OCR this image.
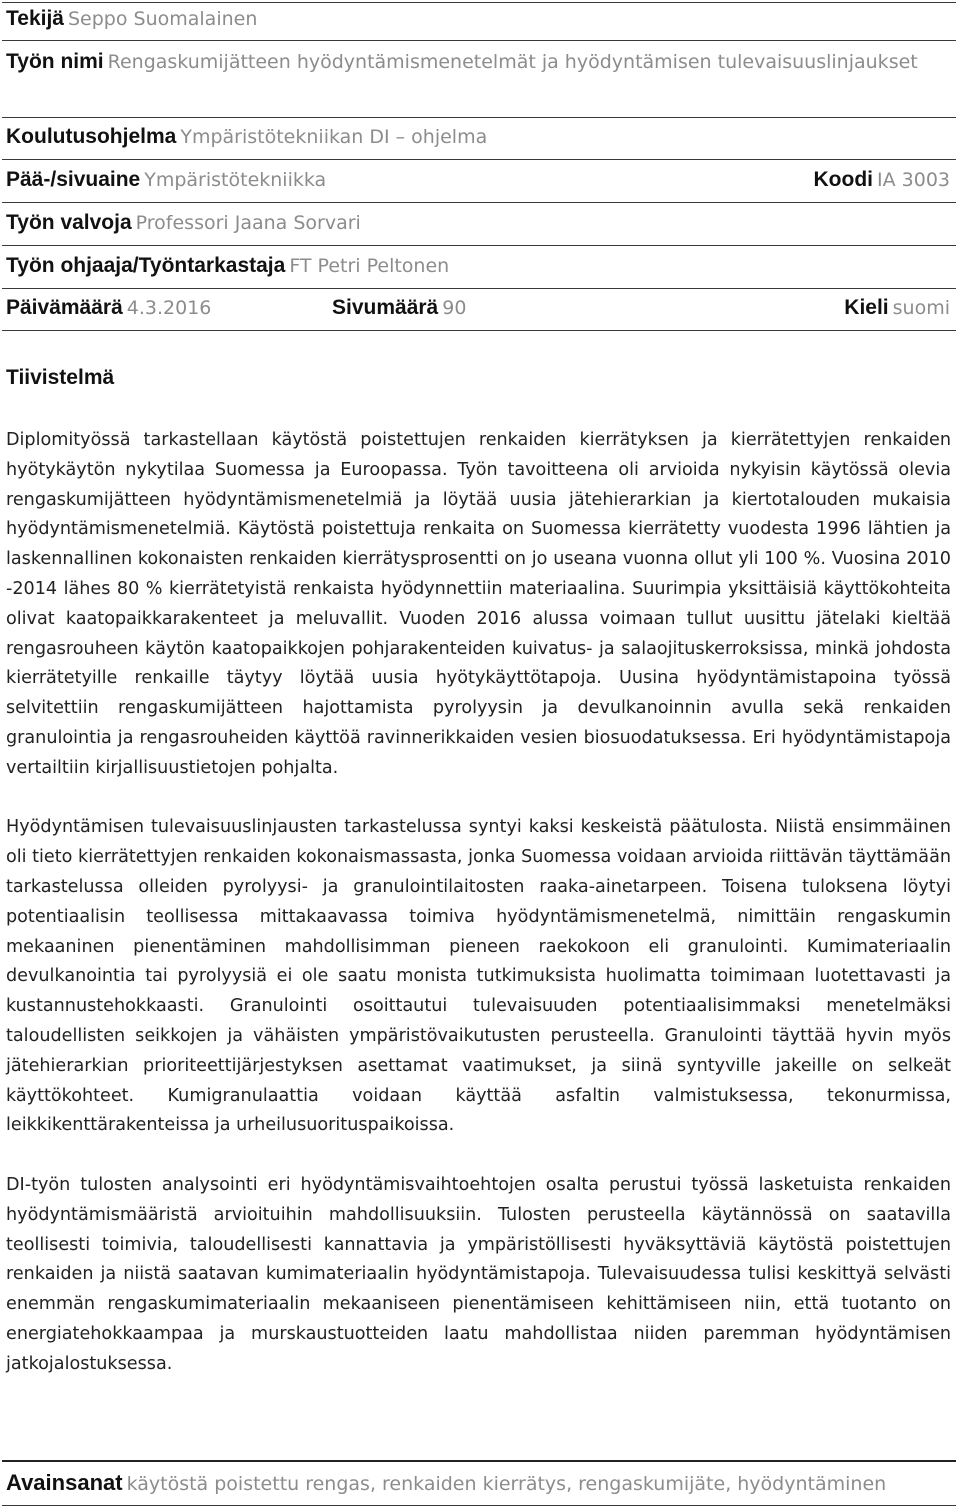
Tekijä Seppo Suomalainen
Työn nimi Rengaskumijätteen hyödyntämismenetelmät ja hyödyntämisen tulevaisuuslinjaukset
Koulutusohjelma Ympäristötekniikan DI – ohjelma
Pää-/sivuaine Ympäristötekniikka	Koodi IA 3003
Työn valvoja Professori Jaana Sorvari
Työn ohjaaja/Työntarkastaja FT Petri Peltonen
Päivämäärä 4.3.2016	Sivumäärä 90	Kieli suomi
Tiivistelmä

Diplomityössä tarkastellaan käytöstä poistettujen renkaiden kierrätyksen ja kierrätettyjen renkaiden hyötykäytön nykytilaa Suomessa ja Euroopassa. Työn tavoitteena oli arvioida nykyisin käytössä olevia rengaskumijätteen hyödyntämismenetelmiä ja löytää uusia jätehierarkian ja kiertotalouden mukaisia hyödyntämismenetelmiä. Käytöstä poistettuja renkaita on Suomessa kierrätetty vuodesta 1996 lähtien ja laskennallinen kokonaisten renkaiden kierrätysprosentti on jo useana vuonna ollut yli 100 %. Vuosina 2010 -2014 lähes 80 % kierrätetyistä renkaista hyödynnettiin materiaalina. Suurimpia yksittäisiä käyttökohteita olivat kaatopaikkarakenteet ja meluvallit. Vuoden 2016 alussa voimaan tullut uusittu jätelaki kieltää rengasrouheen käytön kaatopaikkojen pohjarakenteiden kuivatus- ja salaojituskerroksissa, minkä johdosta kierrätetyille renkaille täytyy löytää uusia hyötykäyttötapoja. Uusina hyödyntämistapoina työssä selvitettiin rengaskumijätteen hajottamista pyrolyysin ja devulkanoinnin avulla sekä renkaiden granulointia ja rengasrouheiden käyttöä ravinnerikkaiden vesien biosuodatuksessa. Eri hyödyntämistapoja vertailtiin kirjallisuustietojen pohjalta.

Hyödyntämisen tulevaisuuslinjausten tarkastelussa syntyi kaksi keskeistä päätulosta. Niistä ensimmäinen oli tieto kierrätettyjen renkaiden kokonaismassasta, jonka Suomessa voidaan arvioida riittävän täyttämään tarkastelussa olleiden pyrolyysi- ja granulointilaitosten raaka-ainetarpeen. Toisena tuloksena löytyi potentiaalisin teollisessa mittakaavassa toimiva hyödyntämismenetelmä, nimittäin rengaskumin mekaaninen pienentäminen mahdollisimman pieneen raekokoon eli granulointi. Kumimateriaalin devulkanointia tai pyrolyysiä ei ole saatu monista tutkimuksista huolimatta toimimaan luotettavasti ja kustannustehokkaasti. Granulointi osoittautui tulevaisuuden potentiaalisimmaksi menetelmäksi taloudellisten seikkojen ja vähäisten ympäristövaikutusten perusteella. Granulointi täyttää hyvin myös jätehierarkian prioriteettijärjestyksen asettamat vaatimukset, ja siinä syntyville jakeille on selkeät käyttökohteet. Kumigranulaattia voidaan käyttää asfaltin valmistuksessa, tekonurmissa, leikkikenttärakenteissa ja urheilusuorituspaikoissa.

DI-työn tulosten analysointi eri hyödyntämisvaihtoehtojen osalta perustui työssä lasketuista renkaiden hyödyntämismääristä arvioituihin mahdollisuuksiin. Tulosten perusteella käytännössä on saatavilla teollisesti toimivia, taloudellisesti kannattavia ja ympäristöllisesti hyväksyttäviä käytöstä poistettujen renkaiden ja niistä saatavan kumimateriaalin hyödyntämistapoja. Tulevaisuudessa tulisi keskittyä selvästi enemmän rengaskumimateriaalin mekaaniseen pienentämiseen kehittämiseen niin, että tuotanto on energiatehokkaampaa ja murskaustuotteiden laatu mahdollistaa niiden paremman hyödyntämisen jatkojalostuksessa.

Avainsanat käytöstä poistettu rengas, renkaiden kierrätys, rengaskumijäte, hyödyntäminen
